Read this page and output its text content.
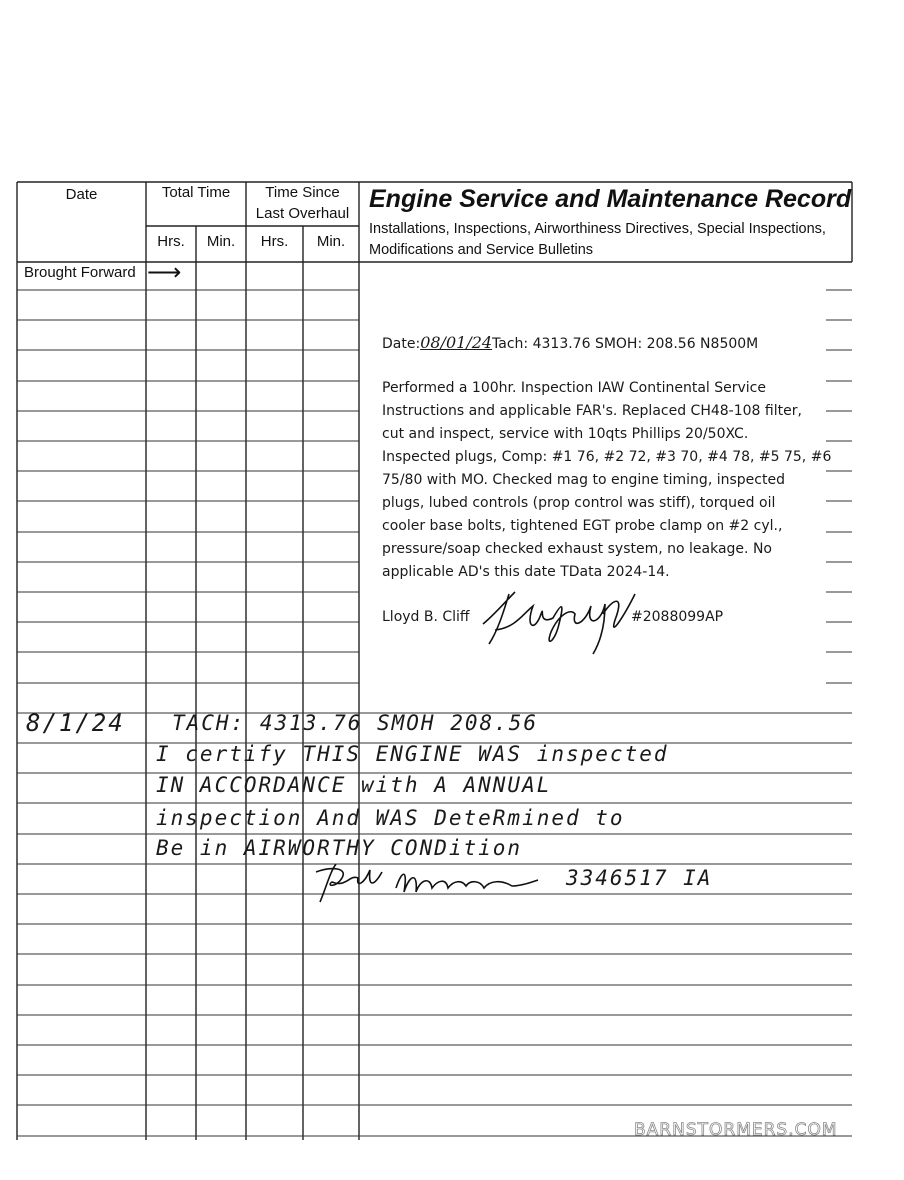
Date	Total Time	Time Since
Last Overhaul
Hrs.	Min.	Hrs.	Min.
Engine Service and Maintenance Record
Installations, Inspections, Airworthiness Directives, Special Inspections,
Modifications and Service Bulletins
Brought Forward ⟶
Date:08/01/24Tach: 4313.76 SMOH: 208.56 N8500M
Performed a 100hr. Inspection IAW Continental Service
Instructions and applicable FAR's. Replaced CH48-108 filter,
cut and inspect, service with 10qts Phillips 20/50XC.
Inspected plugs, Comp: #1 76, #2 72, #3 70, #4 78, #5 75, #6
75/80 with MO. Checked mag to engine timing, inspected
plugs, lubed controls (prop control was stiff), torqued oil
cooler base bolts, tightened EGT probe clamp on #2 cyl.,
pressure/soap checked exhaust system, no leakage. No
applicable AD's this date TData 2024-14.
Lloyd B. Cliff	#2088099AP
8/1/24 TACH: 4313.76 SMOH 208.56
I certify THIS ENGINE WAS inspected
IN ACCORDANCE with A ANNUAL
inspection And WAS DeteRmined to
Be in AIRWORTHY CONDition
3346517 IA
BARNSTORMERS.COM
